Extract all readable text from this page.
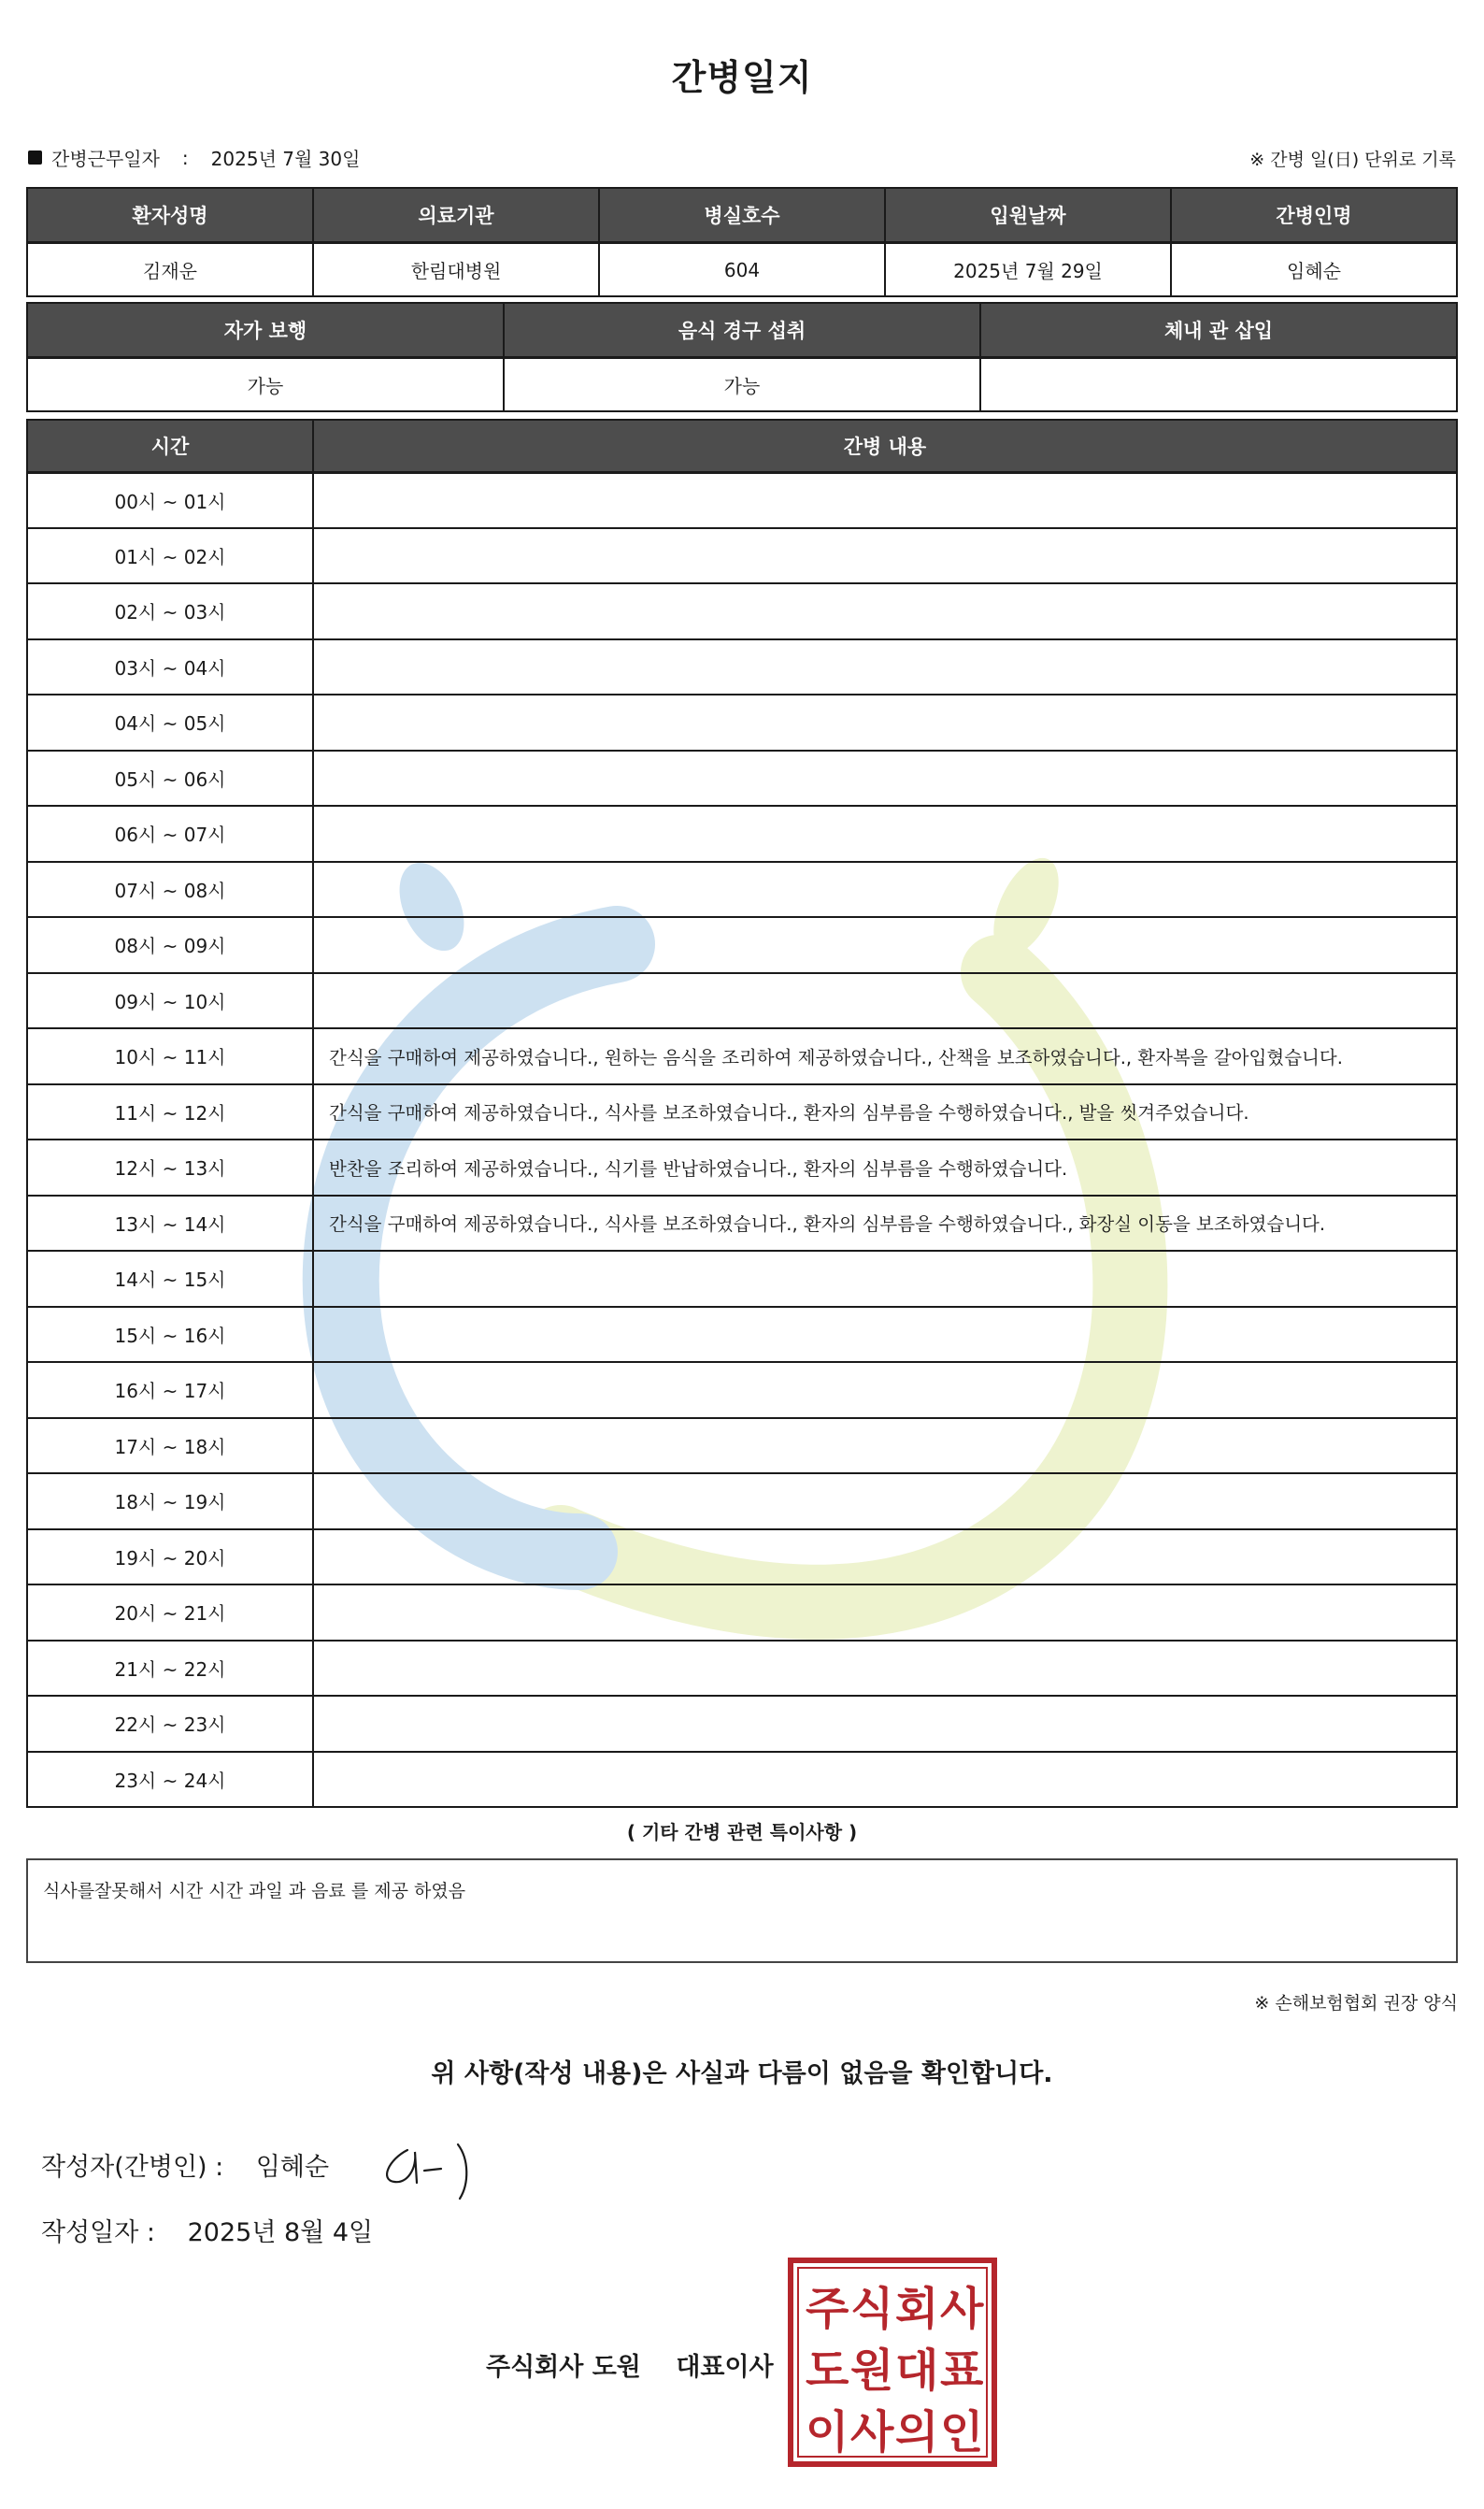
간병일지
간병근무일자 : 2025년 7월 30일	※ 간병 일(日) 단위로 기록
환자성명	의료기관	병실호수	입원날짜	간병인명
김재운	한림대병원	604	2025년 7월 29일	임혜순
자가 보행	음식 경구 섭취	체내 관 삽입
가능	가능	
시간	간병 내용
00시 ~ 01시	
01시 ~ 02시	
02시 ~ 03시	
03시 ~ 04시	
04시 ~ 05시	
05시 ~ 06시	
06시 ~ 07시	
07시 ~ 08시	
08시 ~ 09시	
09시 ~ 10시	
10시 ~ 11시	간식을 구매하여 제공하였습니다., 원하는 음식을 조리하여 제공하였습니다., 산책을 보조하였습니다., 환자복을 갈아입혔습니다.
11시 ~ 12시	간식을 구매하여 제공하였습니다., 식사를 보조하였습니다., 환자의 심부름을 수행하였습니다., 발을 씻겨주었습니다.
12시 ~ 13시	반찬을 조리하여 제공하였습니다., 식기를 반납하였습니다., 환자의 심부름을 수행하였습니다.
13시 ~ 14시	간식을 구매하여 제공하였습니다., 식사를 보조하였습니다., 환자의 심부름을 수행하였습니다., 화장실 이동을 보조하였습니다.
14시 ~ 15시	
15시 ~ 16시	
16시 ~ 17시	
17시 ~ 18시	
18시 ~ 19시	
19시 ~ 20시	
20시 ~ 21시	
21시 ~ 22시	
22시 ~ 23시	
23시 ~ 24시	
( 기타 간병 관련 특이사항 )
식사를잘못해서 시간 시간 과일 과 음료 를 제공 하였음
※ 손해보험협회 권장 양식
위 사항(작성 내용)은 사실과 다름이 없음을 확인합니다.
작성자(간병인) : 임혜순
작성일자 : 2025년 8월 4일
주식회사 도원 대표이사
주 식 회 사
도 원 대 표
이 사 의 인
